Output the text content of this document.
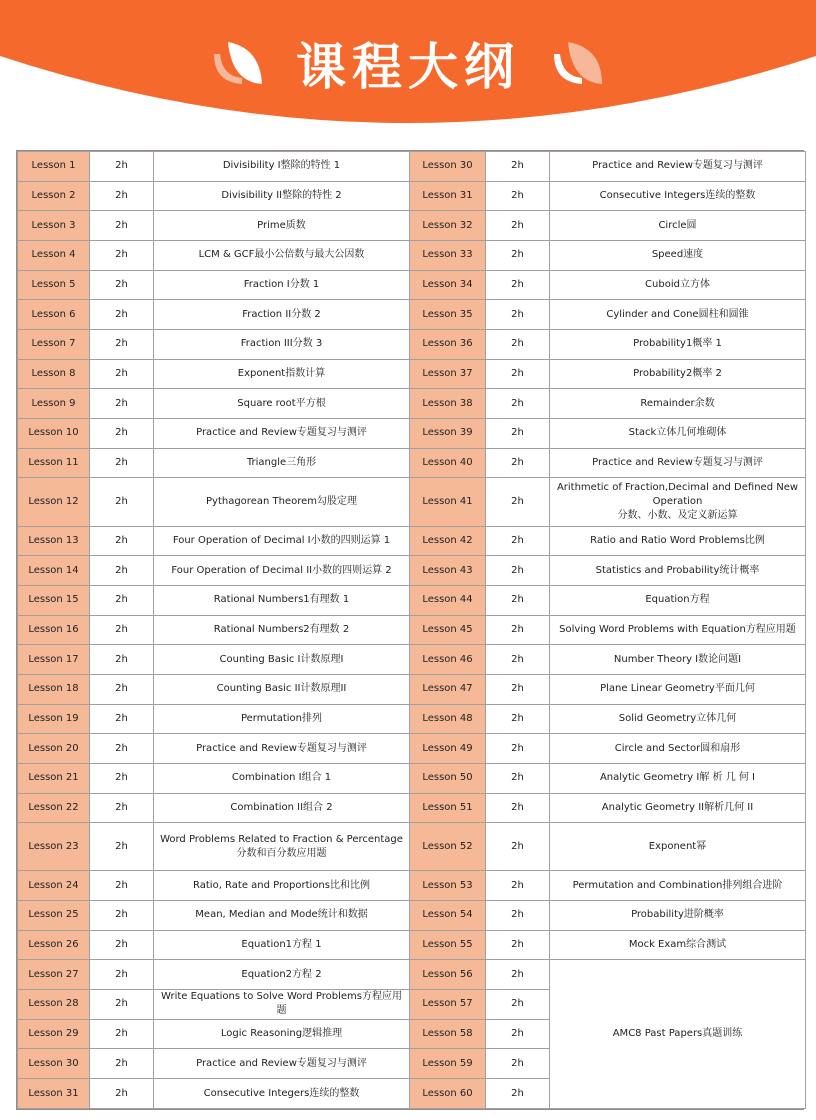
课程大纲
Lesson 1	2h	Divisibility I整除的特性 1	Lesson 30	2h	Practice and Review专题复习与测评

Lesson 2	2h	Divisibility II整除的特性 2	Lesson 31	2h	Consecutive Integers连续的整数

Lesson 3	2h	Prime质数	Lesson 32	2h	Circle圆

Lesson 4	2h	LCM & GCF最小公倍数与最大公因数	Lesson 33	2h	Speed速度

Lesson 5	2h	Fraction I分数 1	Lesson 34	2h	Cuboid立方体

Lesson 6	2h	Fraction II分数 2	Lesson 35	2h	Cylinder and Cone圆柱和圆锥

Lesson 7	2h	Fraction III分数 3	Lesson 36	2h	Probability1概率 1

Lesson 8	2h	Exponent指数计算	Lesson 37	2h	Probability2概率 2

Lesson 9	2h	Square root平方根	Lesson 38	2h	Remainder余数

Lesson 10	2h	Practice and Review专题复习与测评	Lesson 39	2h	Stack立体几何堆砌体

Lesson 11	2h	Triangle三角形	Lesson 40	2h	Practice and Review专题复习与测评

Lesson 12	2h	Pythagorean Theorem勾股定理	Lesson 41	2h	Arithmetic of Fraction,Decimal and Defined New Operation
分数、小数、及定义新运算

Lesson 13	2h	Four Operation of Decimal I小数的四则运算 1	Lesson 42	2h	Ratio and Ratio Word Problems比例

Lesson 14	2h	Four Operation of Decimal II小数的四则运算 2	Lesson 43	2h	Statistics and Probability统计概率

Lesson 15	2h	Rational Numbers1有理数 1	Lesson 44	2h	Equation方程

Lesson 16	2h	Rational Numbers2有理数 2	Lesson 45	2h	Solving Word Problems with Equation方程应用题

Lesson 17	2h	Counting Basic I计数原理I	Lesson 46	2h	Number Theory I数论问题I

Lesson 18	2h	Counting Basic II计数原理II	Lesson 47	2h	Plane Linear Geometry平面几何

Lesson 19	2h	Permutation排列	Lesson 48	2h	Solid Geometry立体几何

Lesson 20	2h	Practice and Review专题复习与测评	Lesson 49	2h	Circle and Sector圆和扇形

Lesson 21	2h	Combination I组合 1	Lesson 50	2h	Analytic Geometry I解 析 几 何 I

Lesson 22	2h	Combination II组合 2	Lesson 51	2h	Analytic Geometry II解析几何 II

Lesson 23	2h	Word Problems Related to Fraction & Percentage
分数和百分数应用题	Lesson 52	2h	Exponent幂

Lesson 24	2h	Ratio, Rate and Proportions比和比例	Lesson 53	2h	Permutation and Combination排列组合进阶

Lesson 25	2h	Mean, Median and Mode统计和数据	Lesson 54	2h	Probability进阶概率

Lesson 26	2h	Equation1方程 1	Lesson 55	2h	Mock Exam综合测试

Lesson 27	2h	Equation2方程 2	Lesson 56	2h	AMC8 Past Papers真题训练

Lesson 28	2h	Write Equations to Solve Word Problems方程应用题	Lesson 57	2h	
Lesson 29	2h	Logic Reasoning逻辑推理	Lesson 58	2h	
Lesson 30	2h	Practice and Review专题复习与测评	Lesson 59	2h	
Lesson 31	2h	Consecutive Integers连续的整数	Lesson 60	2h	
